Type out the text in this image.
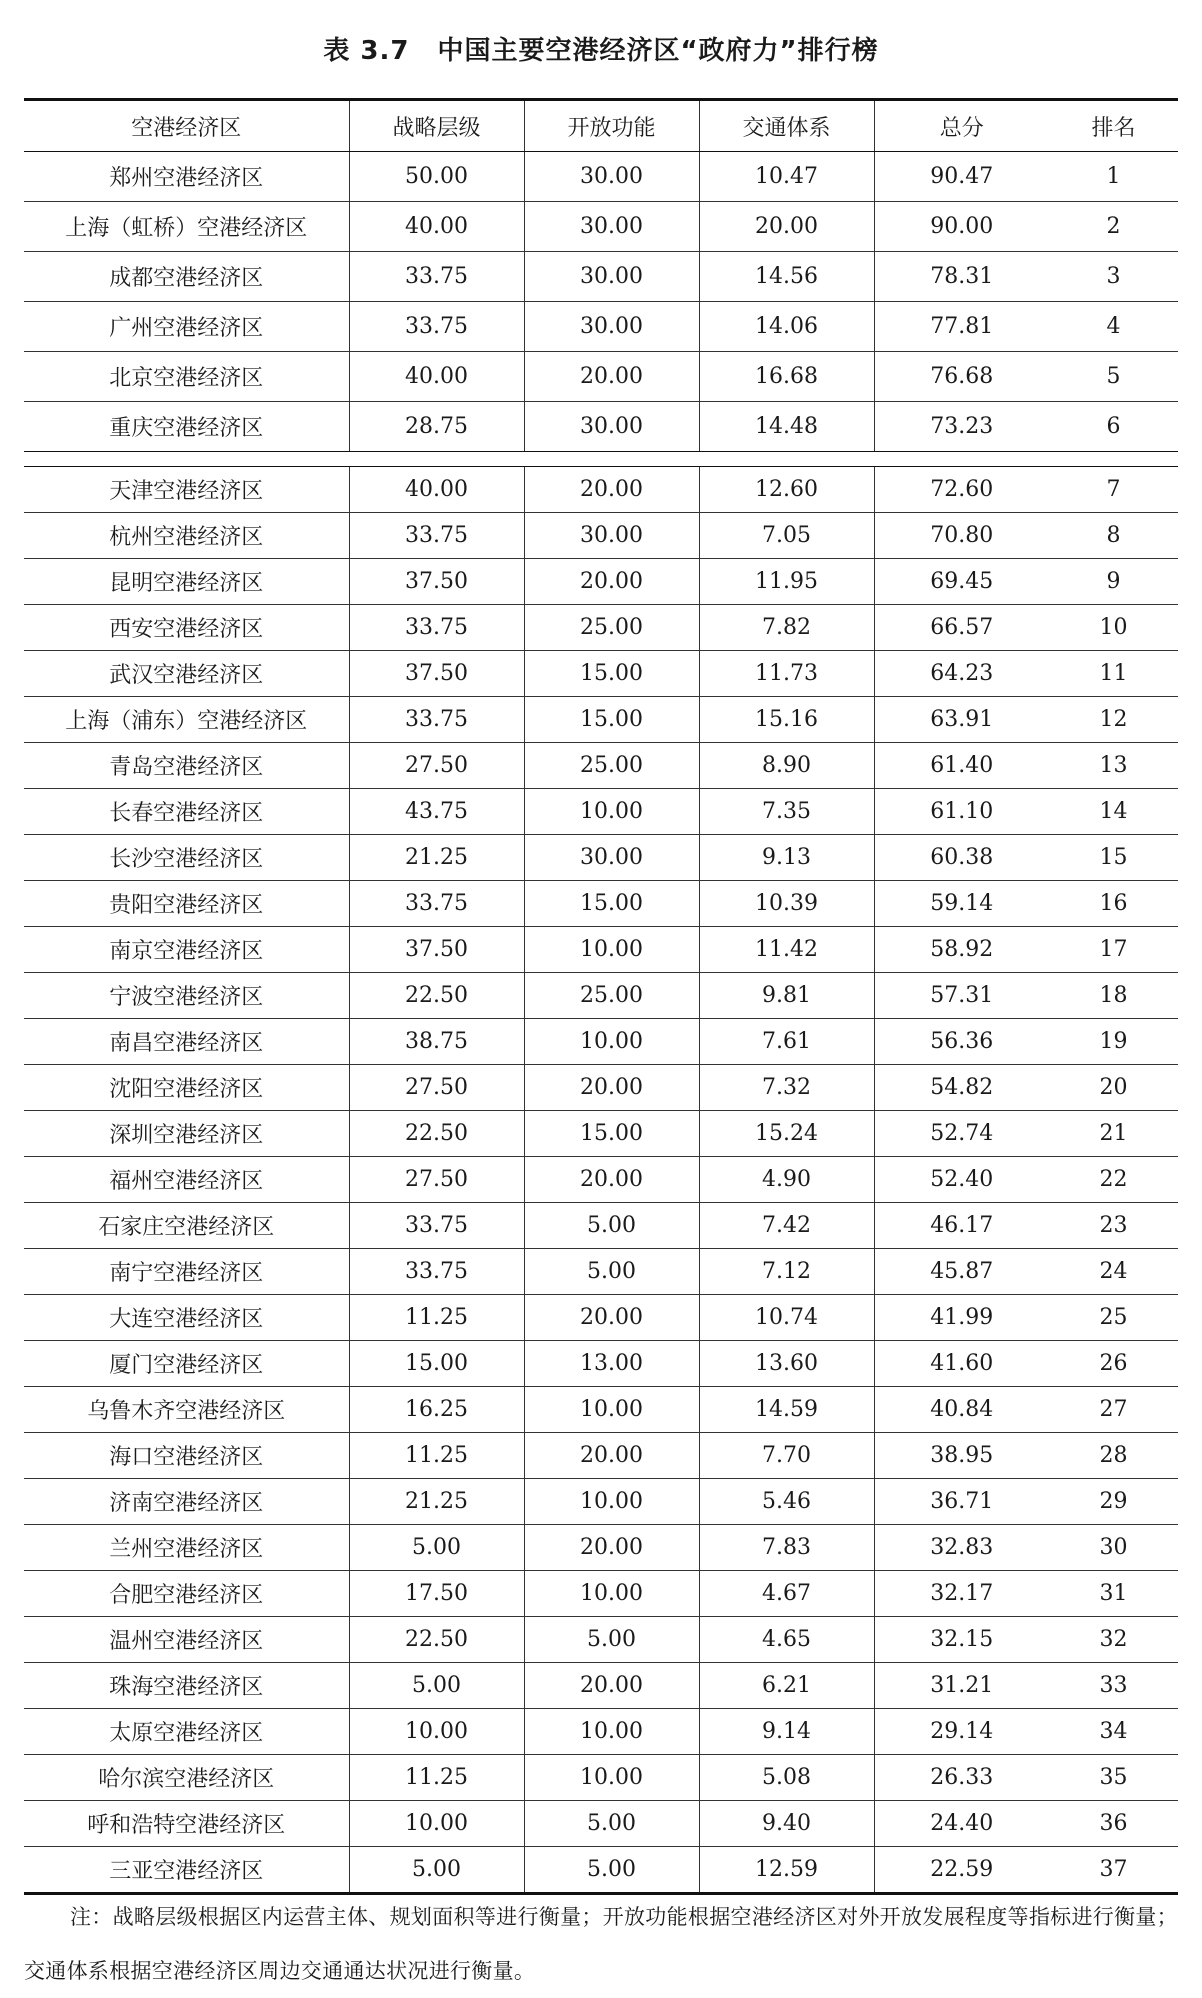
表 3.7 中国主要空港经济区“政府力”排行榜
空港经济区	战略层级	开放功能	交通体系	总分	排名
郑州空港经济区	50.00	30.00	10.47	90.47	1
上海（虹桥）空港经济区	40.00	30.00	20.00	90.00	2
成都空港经济区	33.75	30.00	14.56	78.31	3
广州空港经济区	33.75	30.00	14.06	77.81	4
北京空港经济区	40.00	20.00	16.68	76.68	5
重庆空港经济区	28.75	30.00	14.48	73.23	6

天津空港经济区	40.00	20.00	12.60	72.60	7
杭州空港经济区	33.75	30.00	7.05	70.80	8
昆明空港经济区	37.50	20.00	11.95	69.45	9
西安空港经济区	33.75	25.00	7.82	66.57	10
武汉空港经济区	37.50	15.00	11.73	64.23	11
上海（浦东）空港经济区	33.75	15.00	15.16	63.91	12
青岛空港经济区	27.50	25.00	8.90	61.40	13
长春空港经济区	43.75	10.00	7.35	61.10	14
长沙空港经济区	21.25	30.00	9.13	60.38	15
贵阳空港经济区	33.75	15.00	10.39	59.14	16
南京空港经济区	37.50	10.00	11.42	58.92	17
宁波空港经济区	22.50	25.00	9.81	57.31	18
南昌空港经济区	38.75	10.00	7.61	56.36	19
沈阳空港经济区	27.50	20.00	7.32	54.82	20
深圳空港经济区	22.50	15.00	15.24	52.74	21
福州空港经济区	27.50	20.00	4.90	52.40	22
石家庄空港经济区	33.75	5.00	7.42	46.17	23
南宁空港经济区	33.75	5.00	7.12	45.87	24
大连空港经济区	11.25	20.00	10.74	41.99	25
厦门空港经济区	15.00	13.00	13.60	41.60	26
乌鲁木齐空港经济区	16.25	10.00	14.59	40.84	27
海口空港经济区	11.25	20.00	7.70	38.95	28
济南空港经济区	21.25	10.00	5.46	36.71	29
兰州空港经济区	5.00	20.00	7.83	32.83	30
合肥空港经济区	17.50	10.00	4.67	32.17	31
温州空港经济区	22.50	5.00	4.65	32.15	32
珠海空港经济区	5.00	20.00	6.21	31.21	33
太原空港经济区	10.00	10.00	9.14	29.14	34
哈尔滨空港经济区	11.25	10.00	5.08	26.33	35
呼和浩特空港经济区	10.00	5.00	9.40	24.40	36
三亚空港经济区	5.00	5.00	12.59	22.59	37
注：战略层级根据区内运营主体、规划面积等进行衡量；开放功能根据空港经济区对外开放发展程度等指标进行衡量；交通体系根据空港经济区周边交通通达状况进行衡量。
